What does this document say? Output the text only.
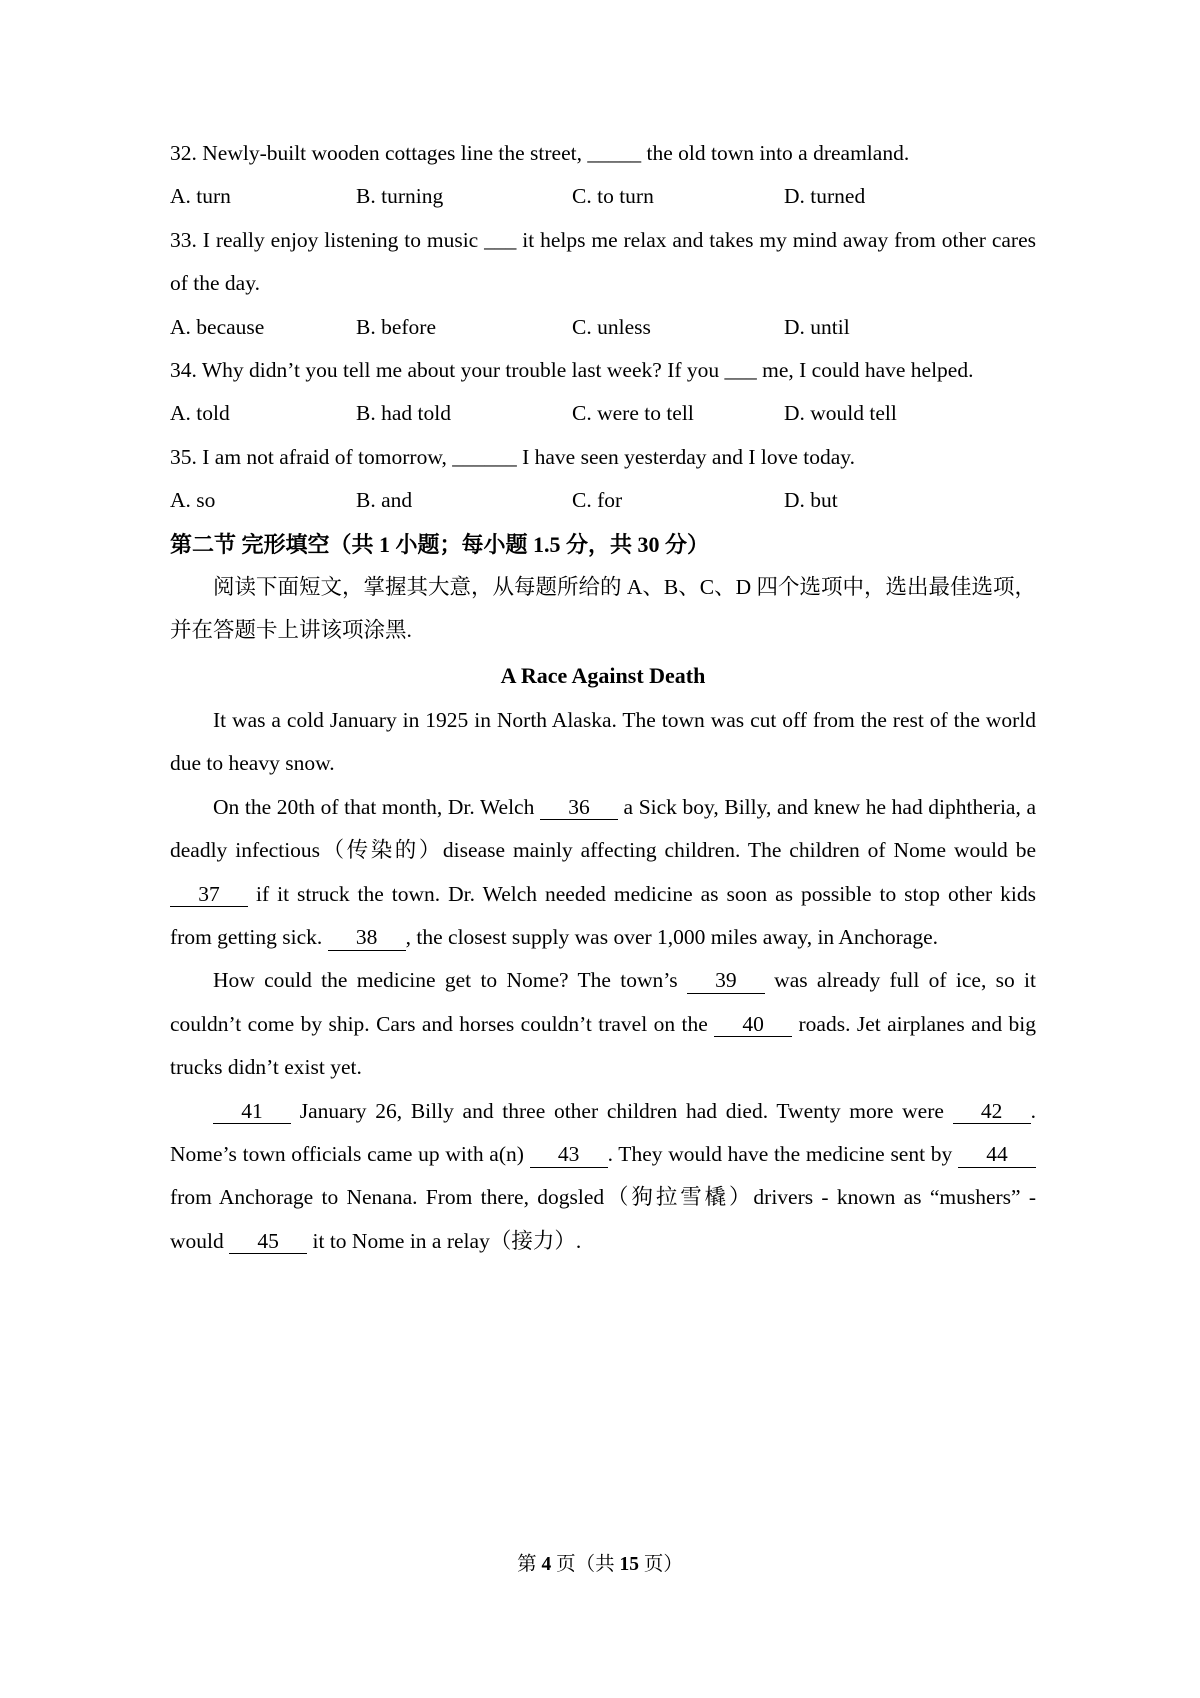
32. Newly-built wooden cottages line the street, _____ the old town into a dreamland.

A. turn	B. turning	C. to turn	D. turned

33. I really enjoy listening to music ___ it helps me relax and takes my mind away from other cares of the day.

A. because	B. before	C. unless	D. until

34. Why didn’t you tell me about your trouble last week? If you ___ me, I could have helped.

A. told	B. had told	C. were to tell	D. would tell

35. I am not afraid of tomorrow, ______ I have seen yesterday and I love today.

A. so	B. and	C. for	D. but

第二节 完形填空（共 1 小题；每小题 1.5 分，共 30 分）

阅读下面短文，掌握其大意，从每题所给的 A、B、C、D 四个选项中，选出最佳选项，并在答题卡上讲该项涂黑.

A Race Against Death

It was a cold January in 1925 in North Alaska. The town was cut off from the rest of the world due to heavy snow.

On the 20th of that month, Dr. Welch 36 a Sick boy, Billy, and knew he had diphtheria, a deadly infectious（传染的）disease mainly affecting children. The children of Nome would be37 if it struck the town. Dr. Welch needed medicine as soon as possible to stop other kids from getting sick. 38 , the closest supply was over 1,000 miles away, in Anchorage.

How could the medicine get to Nome? The town’s 39 was already full of ice, so it couldn’t come by ship. Cars and horses couldn’t travel on the 40 roads. Jet airplanes and big trucks didn’t exist yet.

41 January 26, Billy and three other children had died. Twenty more were 42 . Nome’s town officials came up with a(n) 43 . They would have the medicine sent by 44 from Anchorage to Nenana. From there, dogsled（狗拉雪橇）drivers - known as “mushers” - would 45 it to Nome in a relay（接力）.

第 4 页（共 15 页）
